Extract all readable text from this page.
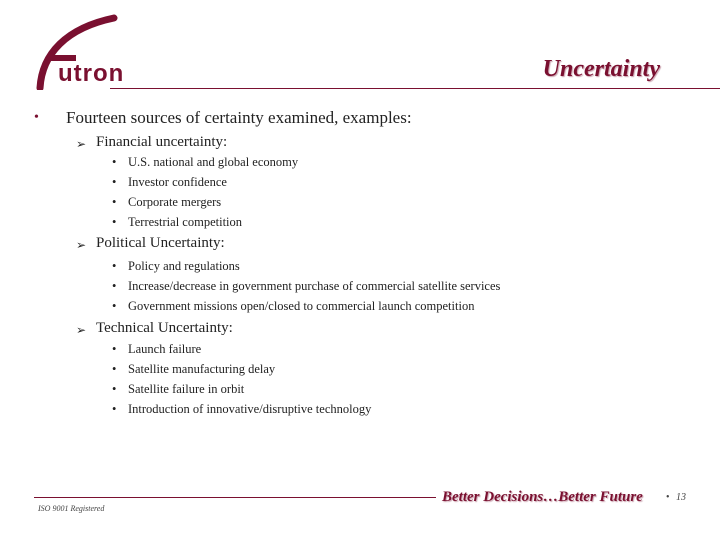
utron	Uncertainty
• Fourteen sources of certainty examined, examples:
➢ Financial uncertainty:
• U.S. national and global economy
• Investor confidence
• Corporate mergers
• Terrestrial competition
➢ Political Uncertainty:
• Policy and regulations
• Increase/decrease in government purchase of commercial satellite services
• Government missions open/closed to commercial launch competition
➢ Technical Uncertainty:
• Launch failure
• Satellite manufacturing delay
• Satellite failure in orbit
• Introduction of innovative/disruptive technology
ISO 9001 Registered
Better Decisions…Better Future • 13
